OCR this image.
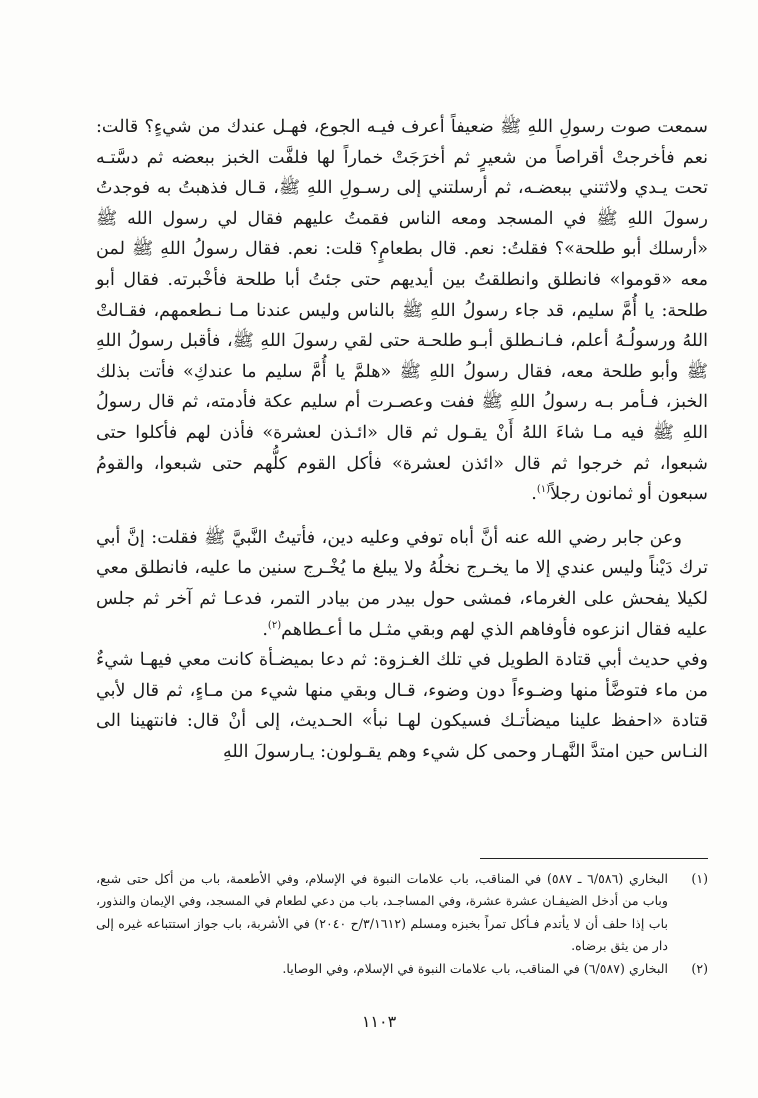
سمعت صوت رسولِ اللهِ ﷺ ضعيفاً أعرف فيـه الجوع، فهـل عندك من شيءٍ؟ قالت: نعم فأخرجتْ أقراصاً من شعيرٍ ثم أخرَجَتْ خماراً لها فلفَّت الخبز ببعضه ثم دسَّتـه تحت يـدي ولاثتني ببعضـه، ثم أرسلتني إلى رسـولِ اللهِ ﷺ، قـال فذهبتُ به فوجدتُ رسولَ اللهِ ﷺ في المسجد ومعه الناس فقمتُ عليهم فقال لي رسول الله ﷺ «أرسلك أبو طلحة»؟ فقلتُ: نعم. قال بطعامٍ؟ قلت: نعم. فقال رسولُ اللهِ ﷺ لمن معه «قوموا» فانطلق وانطلقتُ بين أيديهم حتى جئتُ أبا طلحة فأخْبرته. فقال أبو طلحة: يا أُمَّ سليم، قد جاء رسولُ اللهِ ﷺ بالناس وليس عندنا مـا نـطعمهم، فقـالتْ اللهُ ورسولُـهُ أعلم، فـانـطلق أبـو طلحـة حتى لقي رسولَ اللهِ ﷺ، فأقبل رسولُ اللهِ ﷺ وأبو طلحة معه، فقال رسولُ اللهِ ﷺ «هلمَّ يا أُمَّ سليم ما عندكِ» فأتت بذلك الخبز، فـأمر بـه رسولُ اللهِ ﷺ ففت وعصـرت أم سليم عكة فأدمته، ثم قال رسولُ اللهِ ﷺ فيه مـا شاءَ اللهُ أَنْ يقـول ثم قال «ائـذن لعشرة» فأذن لهم فأكلوا حتى شبعوا، ثم خرجوا ثم قال «ائذن لعشرة» فأكل القوم كلُّهم حتى شبعوا، والقومُ سبعون أو ثمانون رجلاً$^{(١)}$.

وعن جابر رضي الله عنه أنَّ أباه توفي وعليه دين، فأتيتُ النَّبيَّ ﷺ فقلت: إنَّ أبي ترك دَيْناً وليس عندي إلا ما يخـرج نخلُهُ ولا يبلغ ما يُخْـرج سنين ما عليه، فانطلق معي لكيلا يفحش على الغرماء، فمشى حول بيدر من بيادر التمر، فدعـا ثم آخر ثم جلس عليه فقال انزعوه فأوفاهم الذي لهم وبقي مثـل ما أعـطاهم$^{(٢)}$.

وفي حديث أبي قتادة الطويل في تلك الغـزوة: ثم دعا بميضـأة كانت معي فيهـا شيءٌ من ماء فتوضَّأ منها وضـوءاً دون وضوء، قـال وبقي منها شيء من مـاءٍ، ثم قال لأبي قتادة «احفظ علينا ميضأتـك فسيكون لهـا نبأ» الحـديث، إلى أنْ قال: فانتهينا الى النـاس حين امتدَّ النَّهـار وحمى كل شيء وهم يقـولون: يـارسولَ اللهِ

(١)
البخاري (٦/٥٨٦ ـ ٥٨٧) في المناقب، باب علامات النبوة في الإسلام، وفي الأطعمة، باب من أكل حتى شبع، وباب من أدخل الضيفـان عشرة عشرة، وفي المساجـد، باب من دعي لطعام في المسجد، وفي الإيمان والنذور، باب إذا حلف أن لا يأتدم فـأكل تمراً بخبزه ومسلم (٣/١٦١٢/ح ٢٠٤٠) في الأشربة، باب جواز استتباعه غيره إلى دار من يثق برضاه.
(٢)
البخاري (٦/٥٨٧) في المناقب، باب علامات النبوة في الإسلام، وفي الوصايا.
١١٠٣
